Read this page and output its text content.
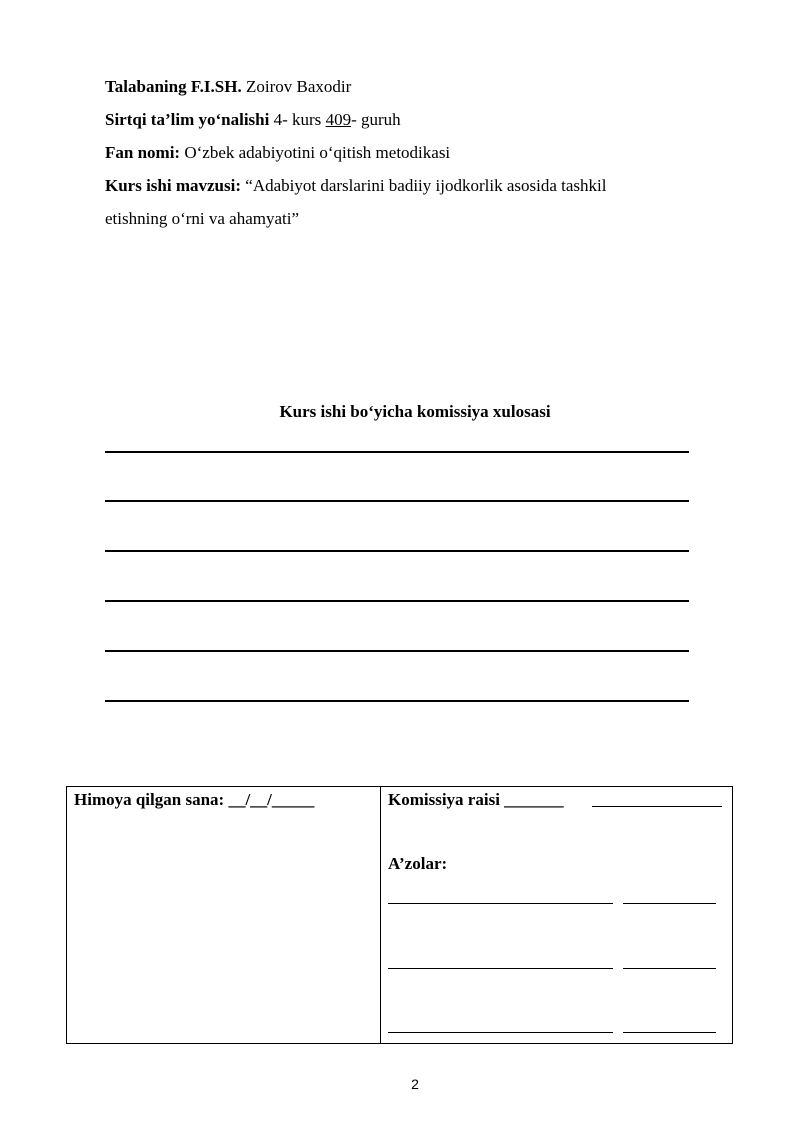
Talabaning F.I.SH. Zoirov Baxodir
Sirtqi ta’lim yo‘nalishi 4- kurs 409- guruh
Fan nomi: O‘zbek adabiyotini o‘qitish metodikasi
Kurs ishi mavzusi: “Adabiyot darslarini badiiy ijodkorlik asosida tashkil
etishning o‘rni va ahamyati”
Kurs ishi bo‘yicha komissiya xulosasi
Himoya qilgan sana: __/__/_____	Komissiya raisi _______
A’zolar:
2
